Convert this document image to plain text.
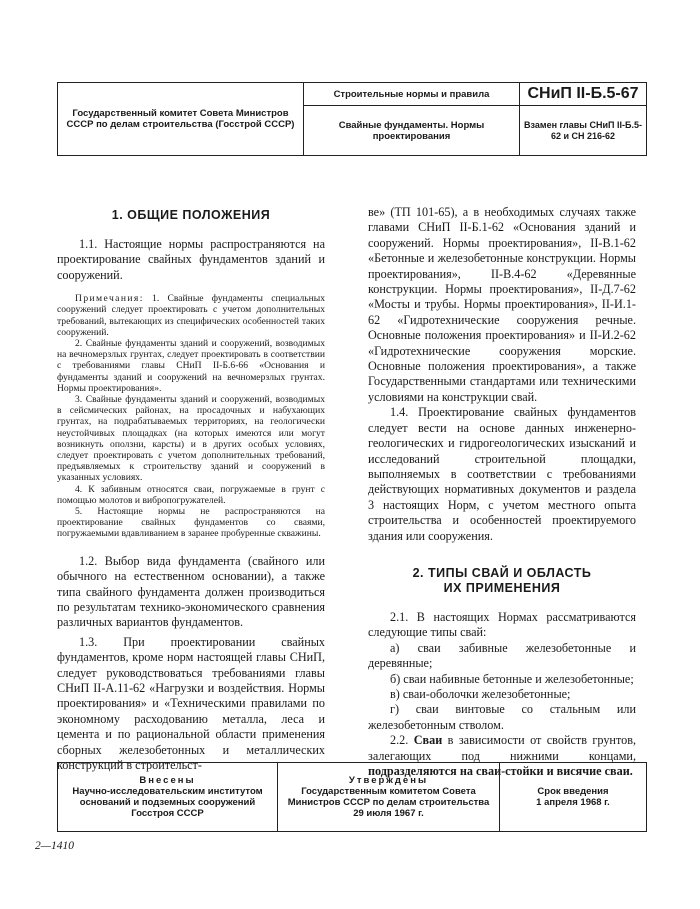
Государственный комитет Совета Министров СССР по делам строительства (Госстрой СССР)
Строительные нормы и правила
Свайные фундаменты. Нормы проектирования
СНиП II-Б.5-67
Взамен главы СНиП II-Б.5-62 и СН 216-62
1. ОБЩИЕ ПОЛОЖЕНИЯ

1.1. Настоящие нормы распространяются на проектирование свайных фундаментов зданий и сооружений.

Примечания: 1. Свайные фундаменты специальных сооружений следует проектировать с учетом дополнительных требований, вытекающих из специфических особенностей таких сооружений.

2. Свайные фундаменты зданий и сооружений, возводимых на вечномерзлых грунтах, следует проектировать в соответствии с требованиями главы СНиП II-Б.6-66 «Основания и фундаменты зданий и сооружений на вечномерзлых грунтах. Нормы проектирования».

3. Свайные фундаменты зданий и сооружений, возводимых в сейсмических районах, на просадочных и набухающих грунтах, на подрабатываемых территориях, на геологически неустойчивых площадках (на которых имеются или могут возникнуть оползни, карсты) и в других особых условиях, следует проектировать с учетом дополнительных требований, предъявляемых к строительству зданий и сооружений в указанных условиях.

4. К забивным относятся сваи, погружаемые в грунт с помощью молотов и вибропогружателей.

5. Настоящие нормы не распространяются на проектирование свайных фундаментов со сваями, погружаемыми вдавливанием в заранее пробуренные скважины.

1.2. Выбор вида фундамента (свайного или обычного на естественном основании), а также типа свайного фундамента должен производиться по результатам технико-экономического сравнения различных вариантов фундаментов.

1.3. При проектировании свайных фундаментов, кроме норм настоящей главы СНиП, следует руководствоваться требованиями главы СНиП II-А.11-62 «Нагрузки и воздействия. Нормы проектирования» и «Техническими правилами по экономному расходованию металла, леса и цемента и по рациональной области применения сборных железобетонных и металлических конструкций в строительст-

ве» (ТП 101-65), а в необходимых случаях также главами СНиП II-Б.1-62 «Основания зданий и сооружений. Нормы проектирования», II-В.1-62 «Бетонные и железобетонные конструкции. Нормы проектирования», II-В.4-62 «Деревянные конструкции. Нормы проектирования», II-Д.7-62 «Мосты и трубы. Нормы проектирования», II-И.1-62 «Гидротехнические сооружения речные. Основные положения проектирования» и II-И.2-62 «Гидротехнические сооружения морские. Основные положения проектирования», а также Государственными стандартами или техническими условиями на конструкции свай.

1.4. Проектирование свайных фундаментов следует вести на основе данных инженерно-геологических и гидрогеологических изысканий и исследований строительной площадки, выполняемых в соответствии с требованиями действующих нормативных документов и раздела 3 настоящих Норм, с учетом местного опыта строительства и особенностей проектируемого здания или сооружения.

2. ТИПЫ СВАЙ И ОБЛАСТЬ
ИХ ПРИМЕНЕНИЯ

2.1. В настоящих Нормах рассматриваются следующие типы свай:

а) сваи забивные железобетонные и деревянные;

б) сваи набивные бетонные и железобетонные;

в) сваи-оболочки железобетонные;

г) сваи винтовые со стальным или железобетонным стволом.

2.2. Сваи в зависимости от свойств грунтов, залегающих под нижними концами, подразделяются на сваи-стойки и висячие сваи.

Внесены
Научно-исследовательским институтом оснований и подземных сооружений Госстроя СССР
Утверждены
Государственным комитетом Совета Министров СССР по делам строительства 29 июля 1967 г.
Срок введения
1 апреля 1968 г.
2—1410
